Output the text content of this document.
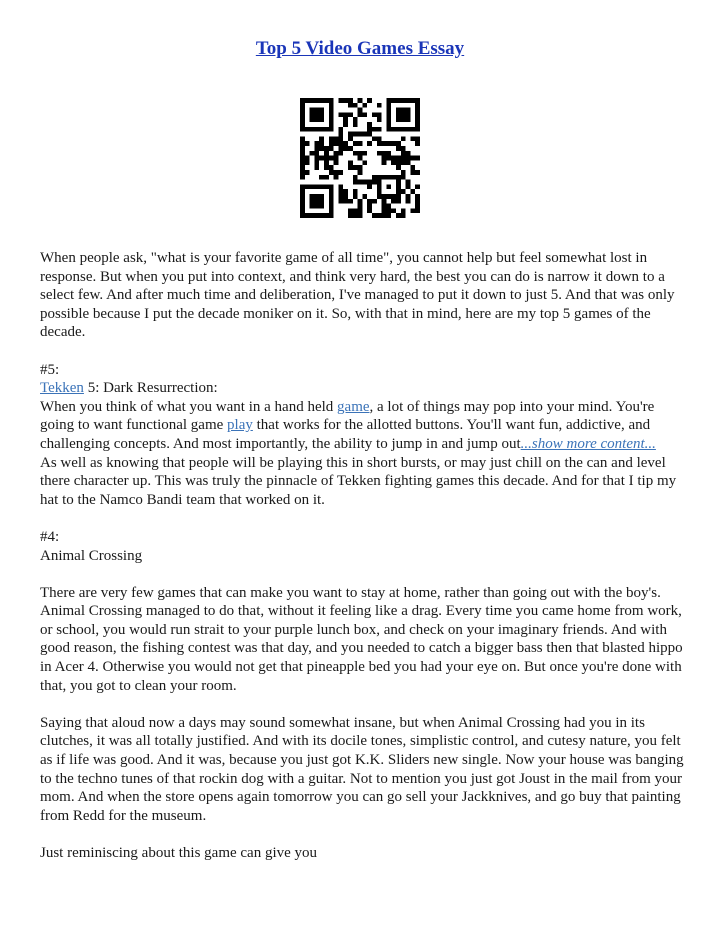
Top 5 Video Games Essay

When people ask, "what is your favorite game of all time", you cannot help but feel somewhat lost in response. But when you put into context, and think very hard, the best you can do is narrow it down to a select few. And after much time and deliberation, I've managed to put it down to just 5. And that was only possible because I put the decade moniker on it. So, with that in mind, here are my top 5 games of the decade.

#5:
Tekken 5: Dark Resurrection:
When you think of what you want in a hand held game, a lot of things may pop into your mind. You're going to want functional game play that works for the allotted buttons. You'll want fun, addictive, and challenging concepts. And most importantly, the ability to jump in and jump out...show more content...
As well as knowing that people will be playing this in short bursts, or may just chill on the can and level there character up. This was truly the pinnacle of Tekken fighting games this decade. And for that I tip my hat to the Namco Bandi team that worked on it.

#4:
Animal Crossing

There are very few games that can make you want to stay at home, rather than going out with the boy's. Animal Crossing managed to do that, without it feeling like a drag. Every time you came home from work, or school, you would run strait to your purple lunch box, and check on your imaginary friends. And with good reason, the fishing contest was that day, and you needed to catch a bigger bass then that blasted hippo in Acer 4. Otherwise you would not get that pineapple bed you had your eye on. But once you're done with that, you got to clean your room.

Saying that aloud now a days may sound somewhat insane, but when Animal Crossing had you in its clutches, it was all totally justified. And with its docile tones, simplistic control, and cutesy nature, you felt as if life was good. And it was, because you just got K.K. Sliders new single. Now your house was banging to the techno tunes of that rockin dog with a guitar. Not to mention you just got Joust in the mail from your mom. And when the store opens again tomorrow you can go sell your Jackknives, and go buy that painting from Redd for the museum.

Just reminiscing about this game can give you
